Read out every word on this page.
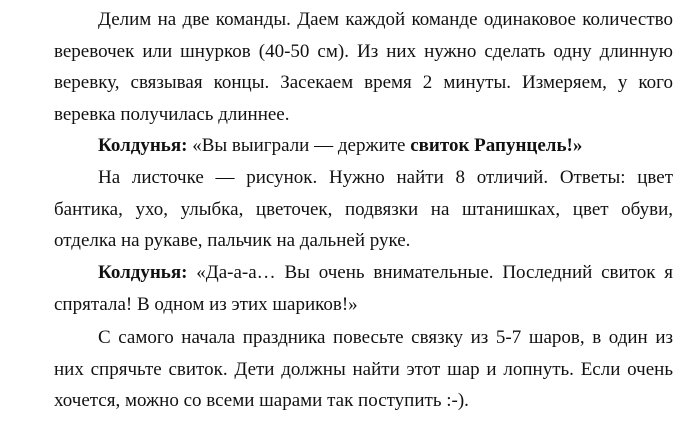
Делим на две команды. Даем каждой команде одинаковое количество веревочек или шнурков (40-50 см). Из них нужно сделать одну длинную веревку, связывая концы. Засекаем время 2 минуты. Измеряем, у кого веревка получилась длиннее.

Колдунья: «Вы выиграли — держите свиток Рапунцель!»

На листочке — рисунок. Нужно найти 8 отличий. Ответы: цвет бантика, ухо, улыбка, цветочек, подвязки на штанишках, цвет обуви, отделка на рукаве, пальчик на дальней руке.

Колдунья: «Да-а-а… Вы очень внимательные. Последний свиток я спрятала! В одном из этих шариков!»

С самого начала праздника повесьте связку из 5-7 шаров, в один из них спрячьте свиток. Дети должны найти этот шар и лопнуть. Если очень хочется, можно со всеми шарами так поступить :-).
